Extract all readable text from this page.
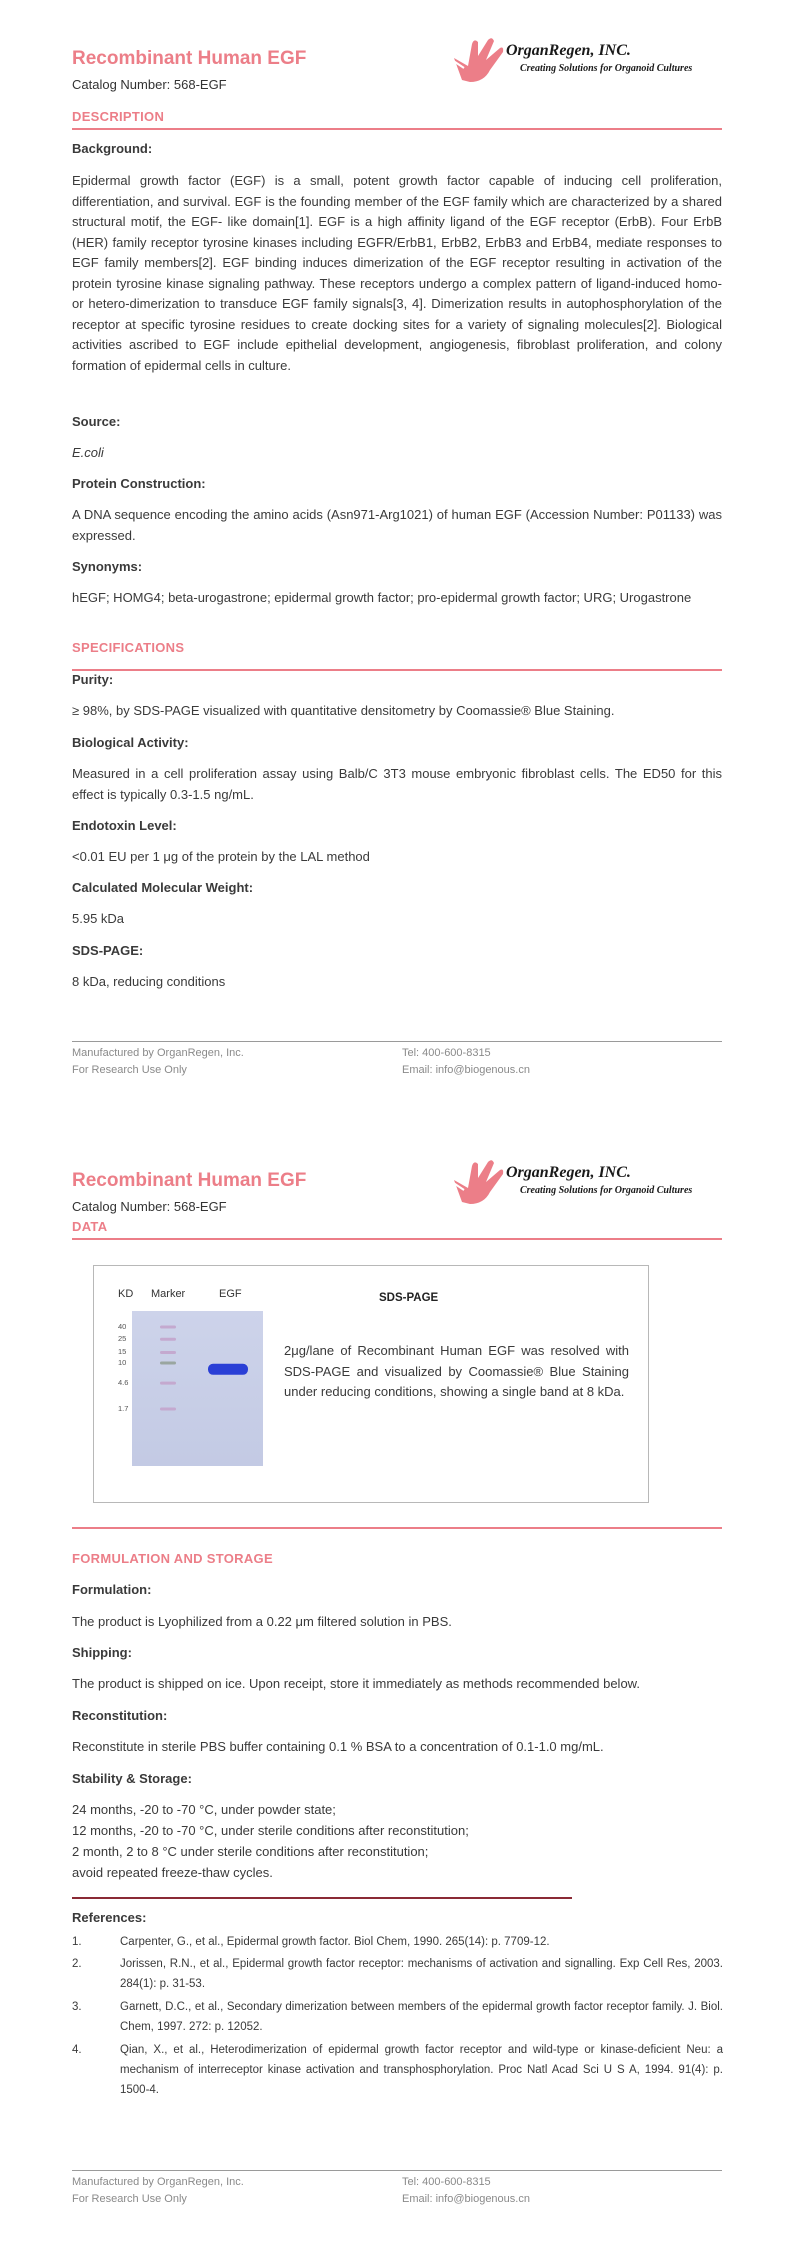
Recombinant Human EGF
Catalog Number: 568-EGF
OrganRegen, INC.
Creating Solutions for Organoid Cultures
DESCRIPTION
Background:
Epidermal growth factor (EGF) is a small, potent growth factor capable of inducing cell proliferation, differentiation, and survival. EGF is the founding member of the EGF family which are characterized by a shared structural motif, the EGF- like domain[1]. EGF is a high affinity ligand of the EGF receptor (ErbB). Four ErbB (HER) family receptor tyrosine kinases including EGFR/ErbB1, ErbB2, ErbB3 and ErbB4, mediate responses to EGF family members[2]. EGF binding induces dimerization of the EGF receptor resulting in activation of the protein tyrosine kinase signaling pathway. These receptors undergo a complex pattern of ligand-induced homo- or hetero-dimerization to transduce EGF family signals[3, 4]. Dimerization results in autophosphorylation of the receptor at specific tyrosine residues to create docking sites for a variety of signaling molecules[2]. Biological activities ascribed to EGF include epithelial development, angiogenesis, fibroblast proliferation, and colony formation of epidermal cells in culture.
Source:
E.coli
Protein Construction:
A DNA sequence encoding the amino acids (Asn971-Arg1021) of human EGF (Accession Number: P01133) was expressed.
Synonyms:
hEGF; HOMG4; beta-urogastrone; epidermal growth factor; pro-epidermal growth factor; URG; Urogastrone
SPECIFICATIONS
Purity:
≥ 98%, by SDS-PAGE visualized with quantitative densitometry by Coomassie® Blue Staining.
Biological Activity:
Measured in a cell proliferation assay using Balb/C 3T3 mouse embryonic fibroblast cells. The ED50 for this effect is typically 0.3-1.5 ng/mL.
Endotoxin Level:
<0.01 EU per 1 μg of the protein by the LAL method
Calculated Molecular Weight:
5.95 kDa
SDS-PAGE:
8 kDa, reducing conditions
Manufactured by OrganRegen, Inc.
For Research Use Only
Tel: 400-600-8315
Email: info@biogenous.cn
Recombinant Human EGF
Catalog Number: 568-EGF
OrganRegen, INC.
Creating Solutions for Organoid Cultures
DATA
KD Marker	EGF
40
25
15
10
4.6
1.7
SDS-PAGE
2μg/lane of Recombinant Human EGF was resolved with SDS-PAGE and visualized by Coomassie® Blue Staining under reducing conditions, showing a single band at 8 kDa.
FORMULATION AND STORAGE
Formulation:
The product is Lyophilized from a 0.22 μm filtered solution in PBS.
Shipping:
The product is shipped on ice. Upon receipt, store it immediately as methods recommended below.
Reconstitution:
Reconstitute in sterile PBS buffer containing 0.1 % BSA to a concentration of 0.1-1.0 mg/mL.
Stability & Storage:
24 months, -20 to -70 °C, under powder state;
12 months, -20 to -70 °C, under sterile conditions after reconstitution;
2 month, 2 to 8 °C under sterile conditions after reconstitution;
avoid repeated freeze-thaw cycles.
References:
1.	Carpenter, G., et al., Epidermal growth factor. Biol Chem, 1990. 265(14): p. 7709-12.
2.	Jorissen, R.N., et al., Epidermal growth factor receptor: mechanisms of activation and signalling. Exp Cell Res, 2003. 284(1): p. 31-53.
3.	Garnett, D.C., et al., Secondary dimerization between members of the epidermal growth factor receptor family. J. Biol. Chem, 1997. 272: p. 12052.
4.	Qian, X., et al., Heterodimerization of epidermal growth factor receptor and wild-type or kinase-deficient Neu: a mechanism of interreceptor kinase activation and transphosphorylation. Proc Natl Acad Sci U S A, 1994. 91(4): p. 1500-4.
Manufactured by OrganRegen, Inc.
For Research Use Only
Tel: 400-600-8315
Email: info@biogenous.cn
